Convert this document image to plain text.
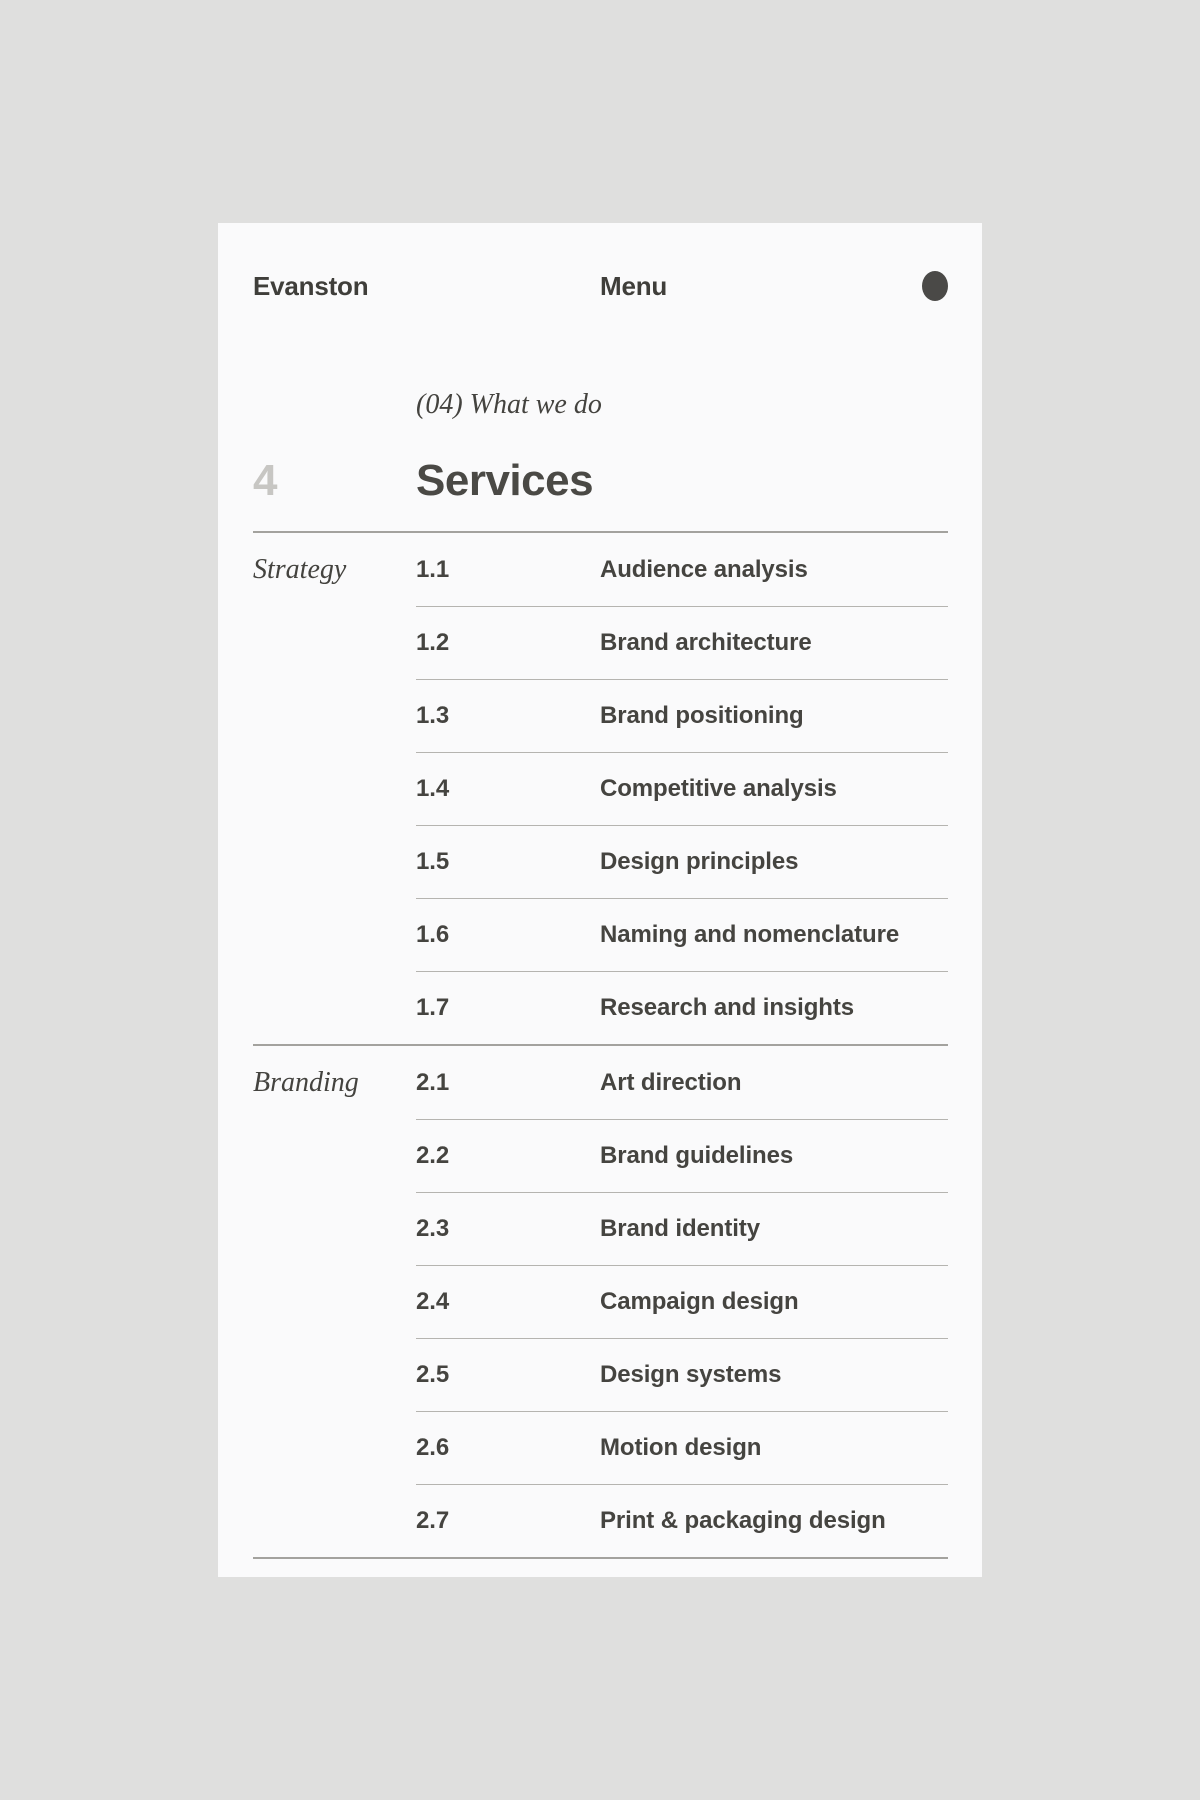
Evanston	Menu
(04) What we do
4	Services
Strategy	1.1	Audience analysis
1.2	Brand architecture
1.3	Brand positioning
1.4	Competitive analysis
1.5	Design principles
1.6	Naming and nomenclature
1.7	Research and insights
Branding	2.1	Art direction
2.2	Brand guidelines
2.3	Brand identity
2.4	Campaign design
2.5	Design systems
2.6	Motion design
2.7	Print & packaging design
